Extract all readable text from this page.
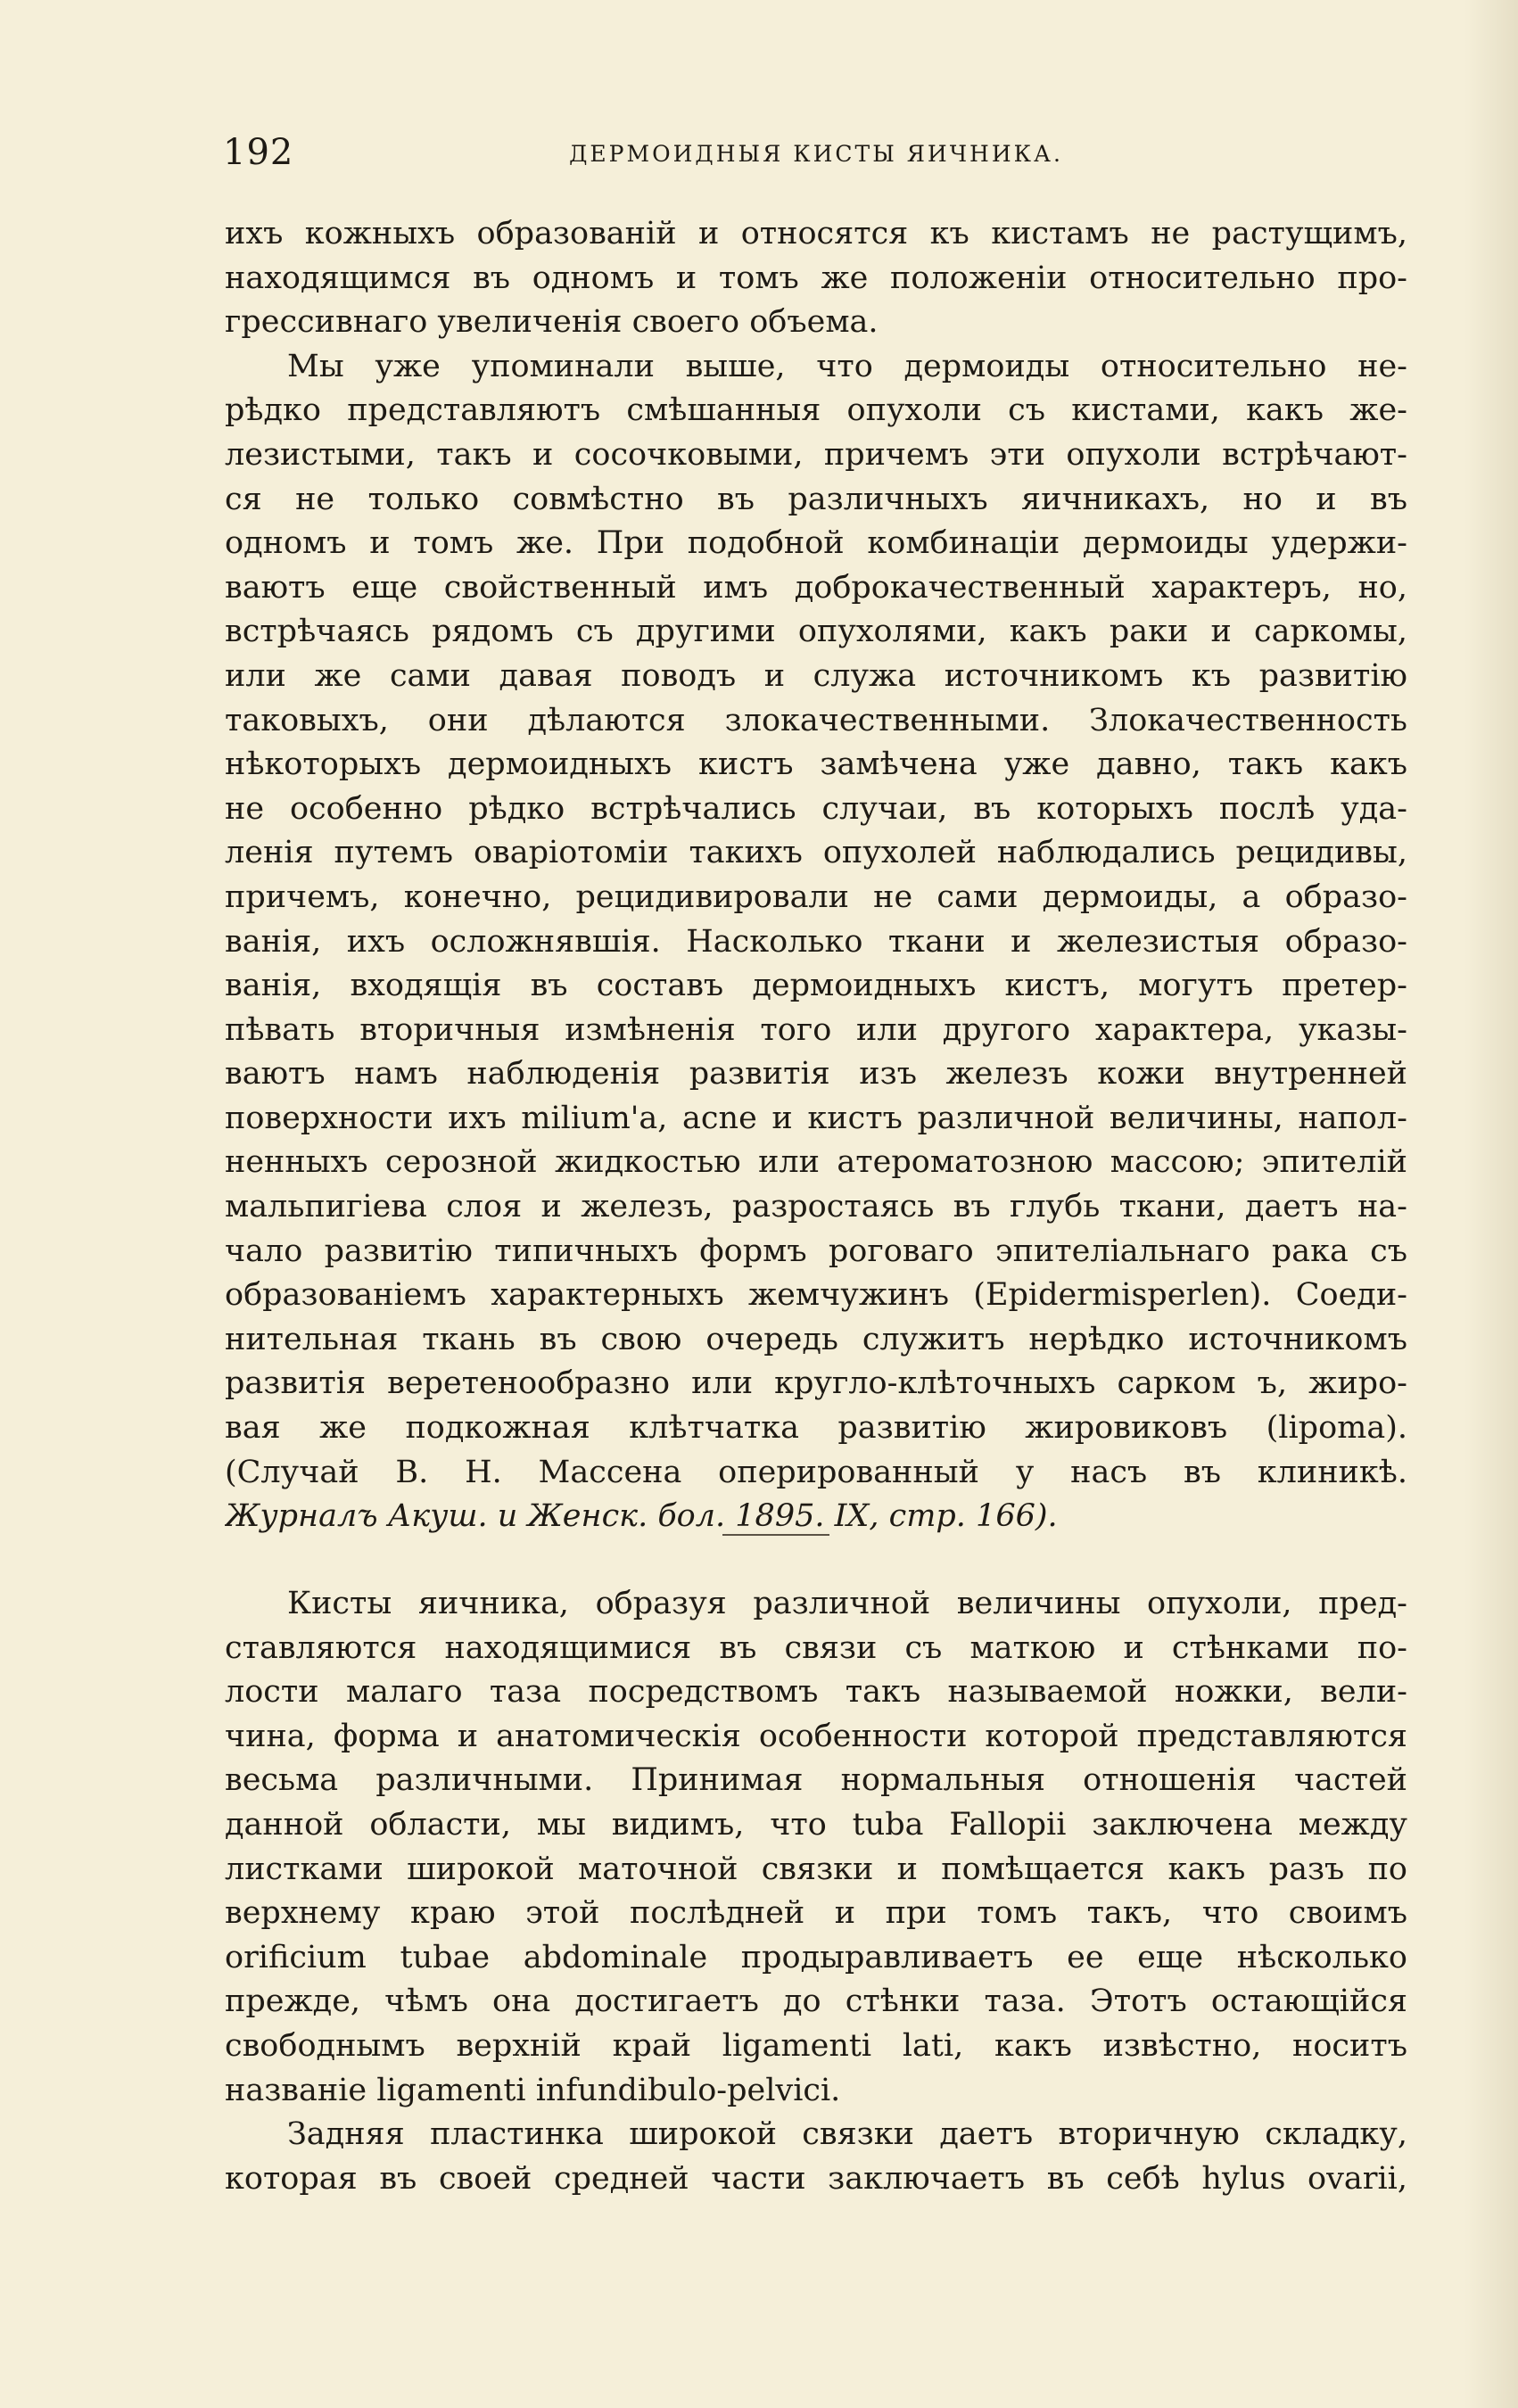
192	ДЕРМОИДНЫЯ КИСТЫ ЯИЧНИКА.
ихъ кожныхъ образованій и относятся къ кистамъ не растущимъ,
находящимся въ одномъ и томъ же положеніи относительно про-
грессивнаго увеличенія своего объема.
Мы уже упоминали выше, что дермоиды относительно не-
рѣдко представляютъ смѣшанныя опухоли съ кистами, какъ же-
лезистыми, такъ и сосочковыми, причемъ эти опухоли встрѣчают-
ся не только совмѣстно въ различныхъ яичникахъ, но и въ
одномъ и томъ же. При подобной комбинаціи дермоиды удержи-
ваютъ еще свойственный имъ доброкачественный характеръ, но,
встрѣчаясь рядомъ съ другими опухолями, какъ раки и саркомы,
или же сами давая поводъ и служа источникомъ къ развитію
таковыхъ, они дѣлаются злокачественными. Злокачественность
нѣкоторыхъ дермоидныхъ кистъ замѣчена уже давно, такъ какъ
не особенно рѣдко встрѣчались случаи, въ которыхъ послѣ уда-
ленія путемъ оваріотоміи такихъ опухолей наблюдались рецидивы,
причемъ, конечно, рецидивировали не сами дермоиды, а образо-
ванія, ихъ осложнявшія. Насколько ткани и железистыя образо-
ванія, входящія въ составъ дермоидныхъ кистъ, могутъ претер-
пѣвать вторичныя измѣненія того или другого характера, указы-
ваютъ намъ наблюденія развитія изъ железъ кожи внутренней
поверхности ихъ milium'a, acne и кистъ различной величины, напол-
ненныхъ серозной жидкостью или атероматозною массою; эпителій
мальпигіева слоя и железъ, разростаясь въ глубь ткани, даетъ на-
чало развитію типичныхъ формъ роговаго эпителіальнаго рака съ
образованіемъ характерныхъ жемчужинъ (Epidermisperlen). Соеди-
нительная ткань въ свою очередь служитъ нерѣдко источникомъ
развитія веретенообразно или кругло-клѣточныхъ сарком ъ, жиро-
вая же подкожная клѣтчатка развитію жировиковъ (lipoma).
(Случай В. Н. Массена оперированный у насъ въ клиникѣ.
Журналъ Акуш. и Женск. бол. 1895. IX, стр. 166).
Кисты яичника, образуя различной величины опухоли, пред-
ставляются находящимися въ связи съ маткою и стѣнками по-
лости малаго таза посредствомъ такъ называемой ножки, вели-
чина, форма и анатомическія особенности которой представляются
весьма различными. Принимая нормальныя отношенія частей
данной области, мы видимъ, что tuba Fallopii заключена между
листками широкой маточной связки и помѣщается какъ разъ по
верхнему краю этой послѣдней и при томъ такъ, что своимъ
orificium tubae abdominale продыравливаетъ ее еще нѣсколько
прежде, чѣмъ она достигаетъ до стѣнки таза. Этотъ остающійся
свободнымъ верхній край ligamenti lati, какъ извѣстно, носитъ
названіе ligamenti infundibulo-pelvici.
Задняя пластинка широкой связки даетъ вторичную складку,
которая въ своей средней части заключаетъ въ себѣ hylus ovarii,
